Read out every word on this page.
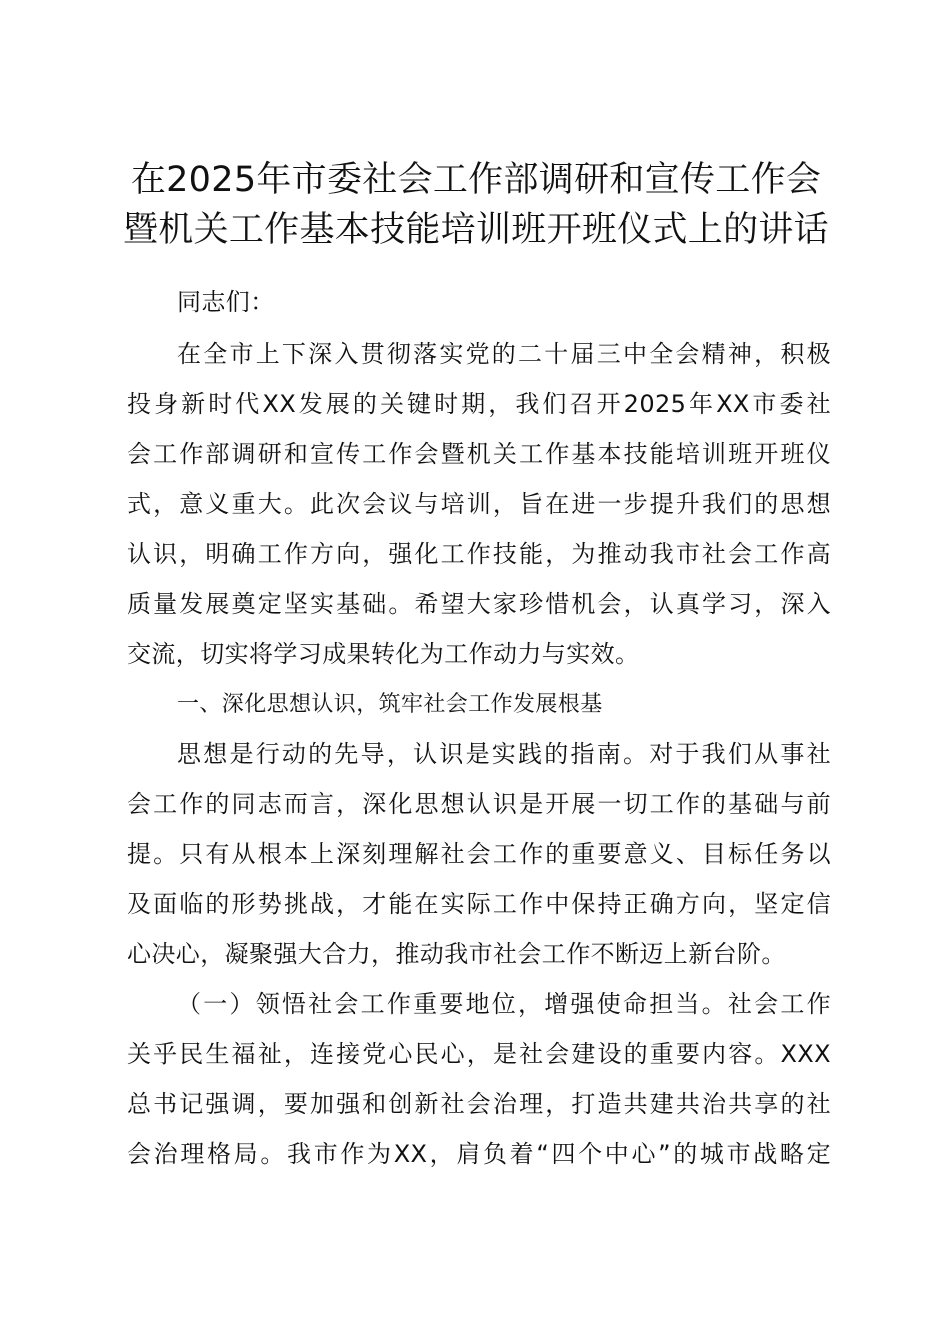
在2025年市委社会工作部调研和宣传工作会
暨机关工作基本技能培训班开班仪式上的讲话
同志们：
在全市上下深入贯彻落实党的二十届三中全会精神，积极
投身新时代XX发展的关键时期，我们召开2025年XX市委社
会工作部调研和宣传工作会暨机关工作基本技能培训班开班仪
式，意义重大。此次会议与培训，旨在进一步提升我们的思想
认识，明确工作方向，强化工作技能，为推动我市社会工作高
质量发展奠定坚实基础。希望大家珍惜机会，认真学习，深入
交流，切实将学习成果转化为工作动力与实效。
一、深化思想认识，筑牢社会工作发展根基
思想是行动的先导，认识是实践的指南。对于我们从事社
会工作的同志而言，深化思想认识是开展一切工作的基础与前
提。只有从根本上深刻理解社会工作的重要意义、目标任务以
及面临的形势挑战，才能在实际工作中保持正确方向，坚定信
心决心，凝聚强大合力，推动我市社会工作不断迈上新台阶。
（一）领悟社会工作重要地位，增强使命担当。社会工作
关乎民生福祉，连接党心民心，是社会建设的重要内容。XXX
总书记强调，要加强和创新社会治理，打造共建共治共享的社
会治理格局。我市作为XX，肩负着“四个中心”的城市战略定
